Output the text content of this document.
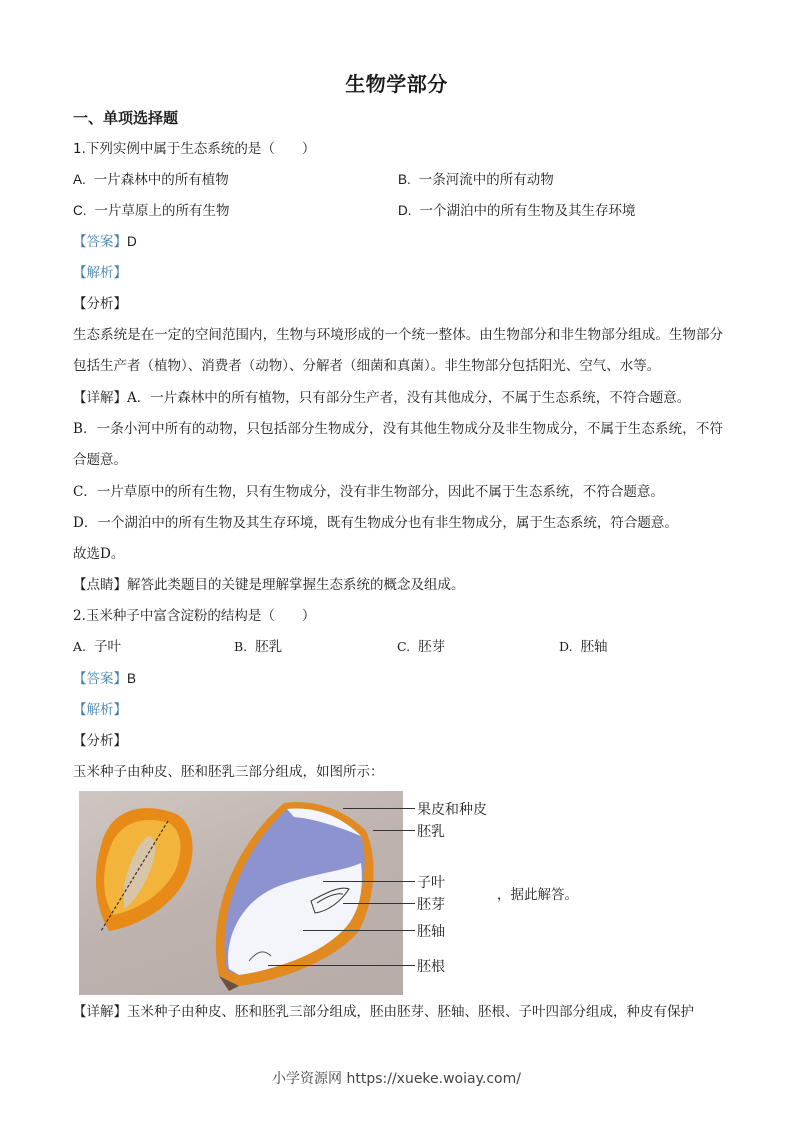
生物学部分
一、单项选择题
1.下列实例中属于生态系统的是（　　）
A. 一片森林中的所有植物	B. 一条河流中的所有动物
C. 一片草原上的所有生物	D. 一个湖泊中的所有生物及其生存环境
【答案】D
【解析】
【分析】
生态系统是在一定的空间范围内，生物与环境形成的一个统一整体。由生物部分和非生物部分组成。生物部分包括生产者（植物）、消费者（动物）、分解者（细菌和真菌）。非生物部分包括阳光、空气、水等。
【详解】A．一片森林中的所有植物，只有部分生产者，没有其他成分，不属于生态系统，不符合题意。
B．一条小河中所有的动物，只包括部分生物成分，没有其他生物成分及非生物成分，不属于生态系统，不符合题意。
C．一片草原中的所有生物，只有生物成分，没有非生物部分，因此不属于生态系统，不符合题意。
D．一个湖泊中的所有生物及其生存环境，既有生物成分也有非生物成分，属于生态系统，符合题意。
故选D。
【点睛】解答此类题目的关键是理解掌握生态系统的概念及组成。
2.玉米种子中富含淀粉的结构是（　　）
A. 子叶	B. 胚乳	C. 胚芽	D. 胚轴
【答案】B
【解析】
【分析】
玉米种子由种皮、胚和胚乳三部分组成，如图所示：
果皮和种皮
胚乳
子叶
胚芽
胚轴
胚根
，据此解答。
【详解】玉米种子由种皮、胚和胚乳三部分组成，胚由胚芽、胚轴、胚根、子叶四部分组成，种皮有保护
小学资源网 https://xueke.woiay.com/
